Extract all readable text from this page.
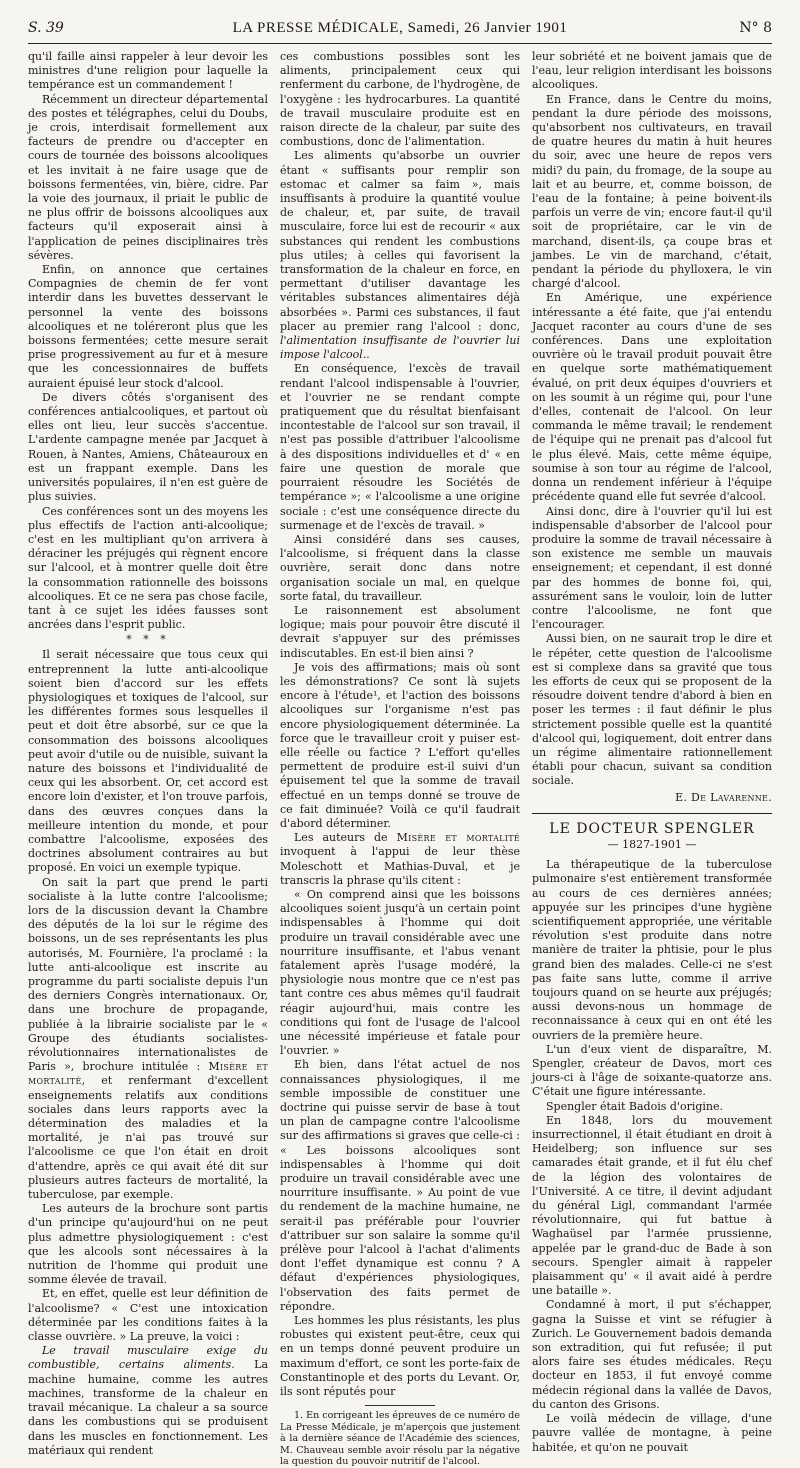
S. 39	LA PRESSE MÉDICALE, Samedi, 26 Janvier 1901	N° 8

qu'il faille ainsi rappeler à leur devoir les ministres d'une religion pour laquelle la tempérance est un commandement !

Récemment un directeur départemental des postes et télégraphes, celui du Doubs, je crois, interdisait formellement aux facteurs de prendre ou d'accepter en cours de tournée des boissons alcooliques et les invitait à ne faire usage que de boissons fermentées, vin, bière, cidre. Par la voie des journaux, il priait le public de ne plus offrir de boissons alcooliques aux facteurs qu'il exposerait ainsi à l'application de peines disciplinaires très sévères.

Enfin, on annonce que certaines Compagnies de chemin de fer vont interdir dans les buvettes desservant le personnel la vente des boissons alcooliques et ne toléreront plus que les boissons fermentées; cette mesure serait prise progressivement au fur et à mesure que les concessionnaires de buffets auraient épuisé leur stock d'alcool.

De divers côtés s'organisent des conférences antialcooliques, et partout où elles ont lieu, leur succès s'accentue. L'ardente campagne menée par Jacquet à Rouen, à Nantes, Amiens, Châteauroux en est un frappant exemple. Dans les universités populaires, il n'en est guère de plus suivies.

Ces conférences sont un des moyens les plus effectifs de l'action anti-alcoolique; c'est en les multipliant qu'on arrivera à déraciner les préjugés qui règnent encore sur l'alcool, et à montrer quelle doit être la consommation rationnelle des boissons alcooliques. Et ce ne sera pas chose facile, tant à ce sujet les idées fausses sont ancrées dans l'esprit public.

* * *

Il serait nécessaire que tous ceux qui entreprennent la lutte anti-alcoolique soient bien d'accord sur les effets physiologiques et toxiques de l'alcool, sur les différentes formes sous lesquelles il peut et doit être absorbé, sur ce que la consommation des boissons alcooliques peut avoir d'utile ou de nuisible, suivant la nature des boissons et l'individualité de ceux qui les absorbent. Or, cet accord est encore loin d'exister, et l'on trouve parfois, dans des œuvres conçues dans la meilleure intention du monde, et pour combattre l'alcoolisme, exposées des doctrines absolument contraires au but proposé. En voici un exemple typique.

On sait la part que prend le parti socialiste à la lutte contre l'alcoolisme; lors de la discussion devant la Chambre des députés de la loi sur le régime des boissons, un de ses représentants les plus autorisés, M. Fournière, l'a proclamé : la lutte anti-alcoolique est inscrite au programme du parti socialiste depuis l'un des derniers Congrès internationaux. Or, dans une brochure de propagande, publiée à la librairie socialiste par le « Groupe des étudiants socialistes-révolutionnaires internationalistes de Paris », brochure intitulée : Misère et mortalité, et renfermant d'excellent enseignements relatifs aux conditions sociales dans leurs rapports avec la détermination des maladies et la mortalité, je n'ai pas trouvé sur l'alcoolisme ce que l'on était en droit d'attendre, après ce qui avait été dit sur plusieurs autres facteurs de mortalité, la tuberculose, par exemple.

Les auteurs de la brochure sont partis d'un principe qu'aujourd'hui on ne peut plus admettre physiologiquement : c'est que les alcools sont nécessaires à la nutrition de l'homme qui produit une somme élevée de travail.

Et, en effet, quelle est leur définition de l'alcoolisme? « C'est une intoxication déterminée par les conditions faites à la classe ouvrière. » La preuve, la voici :

Le travail musculaire exige du combustible, certains aliments. La machine humaine, comme les autres machines, transforme de la chaleur en travail mécanique. La chaleur a sa source dans les combustions qui se produisent dans les muscles en fonctionnement. Les matériaux qui rendent

ces combustions possibles sont les aliments, principalement ceux qui renferment du carbone, de l'hydrogène, de l'oxygène : les hydrocarbures. La quantité de travail musculaire produite est en raison directe de la chaleur, par suite des combustions, donc de l'alimentation.

Les aliments qu'absorbe un ouvrier étant « suffisants pour remplir son estomac et calmer sa faim », mais insuffisants à produire la quantité voulue de chaleur, et, par suite, de travail musculaire, force lui est de recourir « aux substances qui rendent les combustions plus utiles; à celles qui favorisent la transformation de la chaleur en force, en permettant d'utiliser davantage les véritables substances alimentaires déjà absorbées ». Parmi ces substances, il faut placer au premier rang l'alcool : donc, l'alimentation insuffisante de l'ouvrier lui impose l'alcool..

En conséquence, l'excès de travail rendant l'alcool indispensable à l'ouvrier, et l'ouvrier ne se rendant compte pratiquement que du résultat bienfaisant incontestable de l'alcool sur son travail, il n'est pas possible d'attribuer l'alcoolisme à des dispositions individuelles et d' « en faire une question de morale que pourraient résoudre les Sociétés de tempérance »; « l'alcoolisme a une origine sociale : c'est une conséquence directe du surmenage et de l'excès de travail. »

Ainsi considéré dans ses causes, l'alcoolisme, si fréquent dans la classe ouvrière, serait donc dans notre organisation sociale un mal, en quelque sorte fatal, du travailleur.

Le raisonnement est absolument logique; mais pour pouvoir être discuté il devrait s'appuyer sur des prémisses indiscutables. En est-il bien ainsi ?

Je vois des affirmations; mais où sont les démonstrations? Ce sont là sujets encore à l'étude¹, et l'action des boissons alcooliques sur l'organisme n'est pas encore physiologiquement déterminée. La force que le travailleur croit y puiser est-elle réelle ou factice ? L'effort qu'elles permettent de produire est-il suivi d'un épuisement tel que la somme de travail effectué en un temps donné se trouve de ce fait diminuée? Voilà ce qu'il faudrait d'abord déterminer.

Les auteurs de Misère et mortalité invoquent à l'appui de leur thèse Moleschott et Mathias-Duval, et je transcris la phrase qu'ils citent :

« On comprend ainsi que les boissons alcooliques soient jusqu'à un certain point indispensables à l'homme qui doit produire un travail considérable avec une nourriture insuffisante, et l'abus venant fatalement après l'usage modéré, la physiologie nous montre que ce n'est pas tant contre ces abus mêmes qu'il faudrait réagir aujourd'hui, mais contre les conditions qui font de l'usage de l'alcool une nécessité impérieuse et fatale pour l'ouvrier. »

Eh bien, dans l'état actuel de nos connaissances physiologiques, il me semble impossible de constituer une doctrine qui puisse servir de base à tout un plan de campagne contre l'alcoolisme sur des affirmations si graves que celle-ci : « Les boissons alcooliques sont indispensables à l'homme qui doit produire un travail considérable avec une nourriture insuffisante. » Au point de vue du rendement de la machine humaine, ne serait-il pas préférable pour l'ouvrier d'attribuer sur son salaire la somme qu'il prélève pour l'alcool à l'achat d'aliments dont l'effet dynamique est connu ? A défaut d'expériences physiologiques, l'observation des faits permet de répondre.

Les hommes les plus résistants, les plus robustes qui existent peut-être, ceux qui en un temps donné peuvent produire un maximum d'effort, ce sont les porte-faix de Constantinople et des ports du Levant. Or, ils sont réputés pour

1. En corrigeant les épreuves de ce numéro de La Presse Médicale, je m'aperçois que justement à la dernière séance de l'Académie des sciences, M. Chauveau semble avoir résolu par la négative la question du pouvoir nutritif de l'alcool.

leur sobriété et ne boivent jamais que de l'eau, leur religion interdisant les boissons alcooliques.

En France, dans le Centre du moins, pendant la dure période des moissons, qu'absorbent nos cultivateurs, en travail de quatre heures du matin à huit heures du soir, avec une heure de repos vers midi? du pain, du fromage, de la soupe au lait et au beurre, et, comme boisson, de l'eau de la fontaine; à peine boivent-ils parfois un verre de vin; encore faut-il qu'il soit de propriétaire, car le vin de marchand, disent-ils, ça coupe bras et jambes. Le vin de marchand, c'était, pendant la période du phylloxera, le vin chargé d'alcool.

En Amérique, une expérience intéressante a été faite, que j'ai entendu Jacquet raconter au cours d'une de ses conférences. Dans une exploitation ouvrière où le travail produit pouvait être en quelque sorte mathématiquement évalué, on prit deux équipes d'ouvriers et on les soumit à un régime qui, pour l'une d'elles, contenait de l'alcool. On leur commanda le même travail; le rendement de l'équipe qui ne prenait pas d'alcool fut le plus élevé. Mais, cette même équipe, soumise à son tour au régime de l'alcool, donna un rendement inférieur à l'équipe précédente quand elle fut sevrée d'alcool.

Ainsi donc, dire à l'ouvrier qu'il lui est indispensable d'absorber de l'alcool pour produire la somme de travail nécessaire à son existence me semble un mauvais enseignement; et cependant, il est donné par des hommes de bonne foi, qui, assurément sans le vouloir, loin de lutter contre l'alcoolisme, ne font que l'encourager.

Aussi bien, on ne saurait trop le dire et le répéter, cette question de l'alcoolisme est si complexe dans sa gravité que tous les efforts de ceux qui se proposent de la résoudre doivent tendre d'abord à bien en poser les termes : il faut définir le plus strictement possible quelle est la quantité d'alcool qui, logiquement, doit entrer dans un régime alimentaire rationnellement établi pour chacun, suivant sa condition sociale.

E. De Lavarenne.
LE DOCTEUR SPENGLER
— 1827-1901 —

La thérapeutique de la tuberculose pulmonaire s'est entièrement transformée au cours de ces dernières années; appuyée sur les principes d'une hygiène scientifiquement appropriée, une véritable révolution s'est produite dans notre manière de traiter la phtisie, pour le plus grand bien des malades. Celle-ci ne s'est pas faite sans lutte, comme il arrive toujours quand on se heurte aux préjugés; aussi devons-nous un hommage de reconnaissance à ceux qui en ont été les ouvriers de la première heure.

L'un d'eux vient de disparaître, M. Spengler, créateur de Davos, mort ces jours-ci à l'âge de soixante-quatorze ans. C'était une figure intéressante.

Spengler était Badois d'origine.

En 1848, lors du mouvement insurrectionnel, il était étudiant en droit à Heidelberg; son influence sur ses camarades était grande, et il fut élu chef de la légion des volontaires de l'Université. A ce titre, il devint adjudant du général Ligl, commandant l'armée révolutionnaire, qui fut battue à Waghaüsel par l'armée prussienne, appelée par le grand-duc de Bade à son secours. Spengler aimait à rappeler plaisamment qu' « il avait aidé à perdre une bataille ».

Condamné à mort, il put s'échapper, gagna la Suisse et vint se réfugier à Zurich. Le Gouvernement badois demanda son extradition, qui fut refusée; il put alors faire ses études médicales. Reçu docteur en 1853, il fut envoyé comme médecin régional dans la vallée de Davos, du canton des Grisons.

Le voilà médecin de village, d'une pauvre vallée de montagne, à peine habitée, et qu'on ne pouvait
